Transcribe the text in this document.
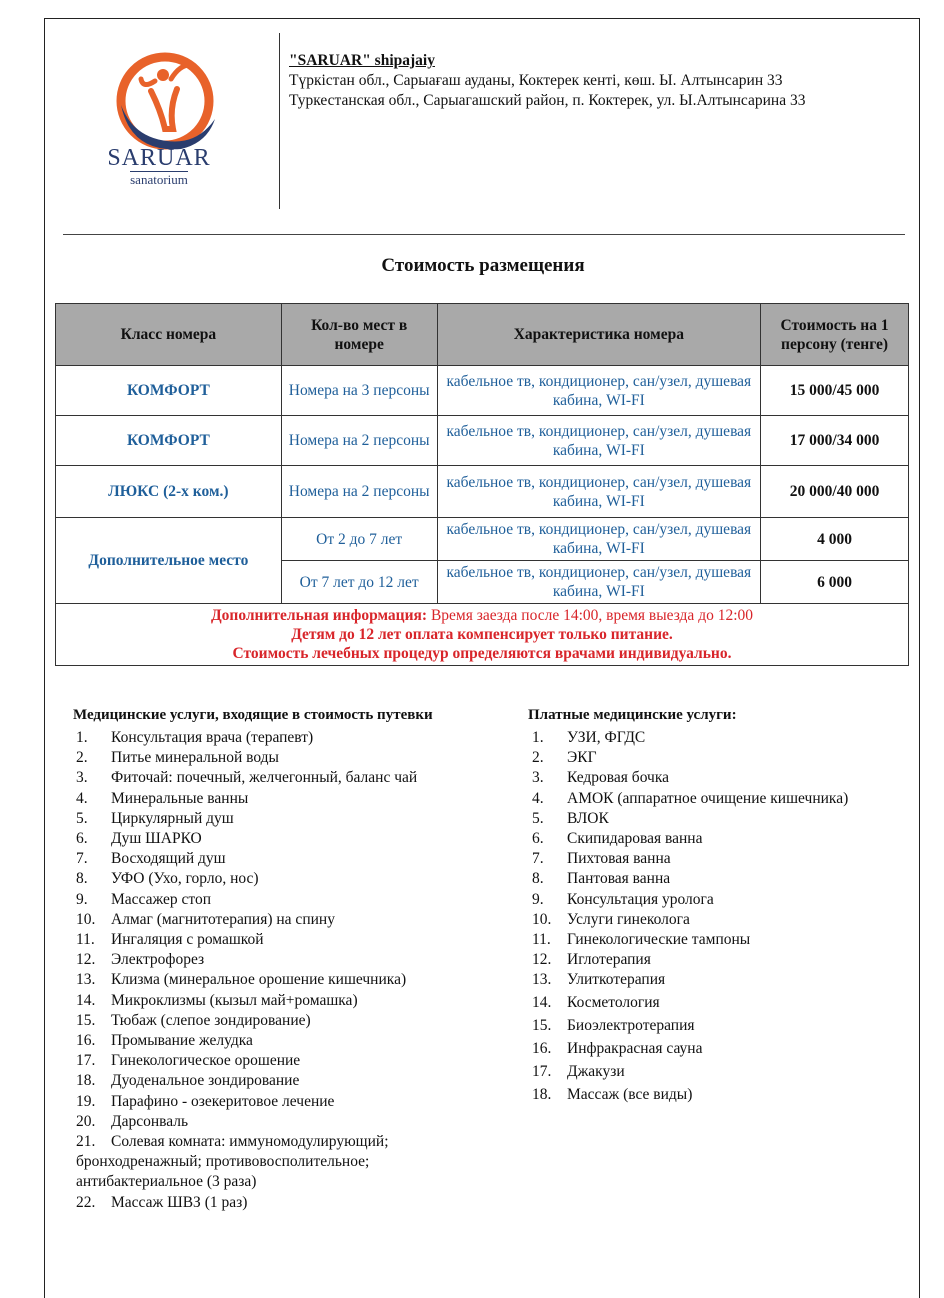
SARUAR
sanatorium
"SARUAR" shipajaiy
Түркістан обл., Сарыағаш ауданы, Коктерек кенті, көш. Ы. Алтынсарин 33
Туркестанская обл., Сарыагашский район, п. Коктерек, ул. Ы.Алтынсарина 33
Стоимость размещения
Класс номера	Кол-во мест в номере	Характеристика номера	Стоимость на 1 персону (тенге)
КОМФОРТ	Номера на 3 персоны	кабельное тв, кондиционер, сан/узел, душевая кабина, WI-FI	15 000/45 000
КОМФОРТ	Номера на 2 персоны	кабельное тв, кондиционер, сан/узел, душевая кабина, WI-FI	17 000/34 000
ЛЮКС (2-х ком.)	Номера на 2 персоны	кабельное тв, кондиционер, сан/узел, душевая кабина, WI-FI	20 000/40 000
Дополнительное место	От 2 до 7 лет	кабельное тв, кондиционер, сан/узел, душевая кабина, WI-FI	4 000
	От 7 лет до 12 лет	кабельное тв, кондиционер, сан/узел, душевая кабина, WI-FI	6 000

Дополнительная информация: Время заезда после 14:00, время выезда до 12:00
Детям до 12 лет оплата компенсирует только питание.
Стоимость лечебных процедур определяются врачами индивидуально.			
Медицинские услуги, входящие в стоимость путевки	Платные медицинские услуги:
1. Консультация врача (терапевт)
2. Питье минеральной воды
3. Фиточай: почечный, желчегонный, баланс чай
4. Минеральные ванны
5. Циркулярный душ
6. Душ ШАРКО
7. Восходящий душ
8. УФО (Ухо, горло, нос)
9. Массажер стоп
10. Алмаг (магнитотерапия) на спину
11. Ингаляция с ромашкой
12. Электрофорез
13. Клизма (минеральное орошение кишечника)
14. Микроклизмы (кызыл май+ромашка)
15. Тюбаж (слепое зондирование)
16. Промывание желудка
17. Гинекологическое орошение
18. Дуоденальное зондирование
19. Парафино - озекеритовое лечение
20. Дарсонваль
21. Солевая комната: иммуномодулирующий; бронходренажный; противовосполительное; антибактериальное (3 раза)
22. Массаж ШВЗ (1 раз)
1. УЗИ, ФГДС
2. ЭКГ
3. Кедровая бочка
4. АМОК (аппаратное очищение кишечника)
5. ВЛОК
6. Скипидаровая ванна
7. Пихтовая ванна
8. Пантовая ванна
9. Консультация уролога
10. Услуги гинеколога
11. Гинекологические тампоны
12. Иглотерапия
13. Улиткотерапия
14. Косметология
15. Биоэлектротерапия
16. Инфракрасная сауна
17. Джакузи
18. Массаж (все виды)
